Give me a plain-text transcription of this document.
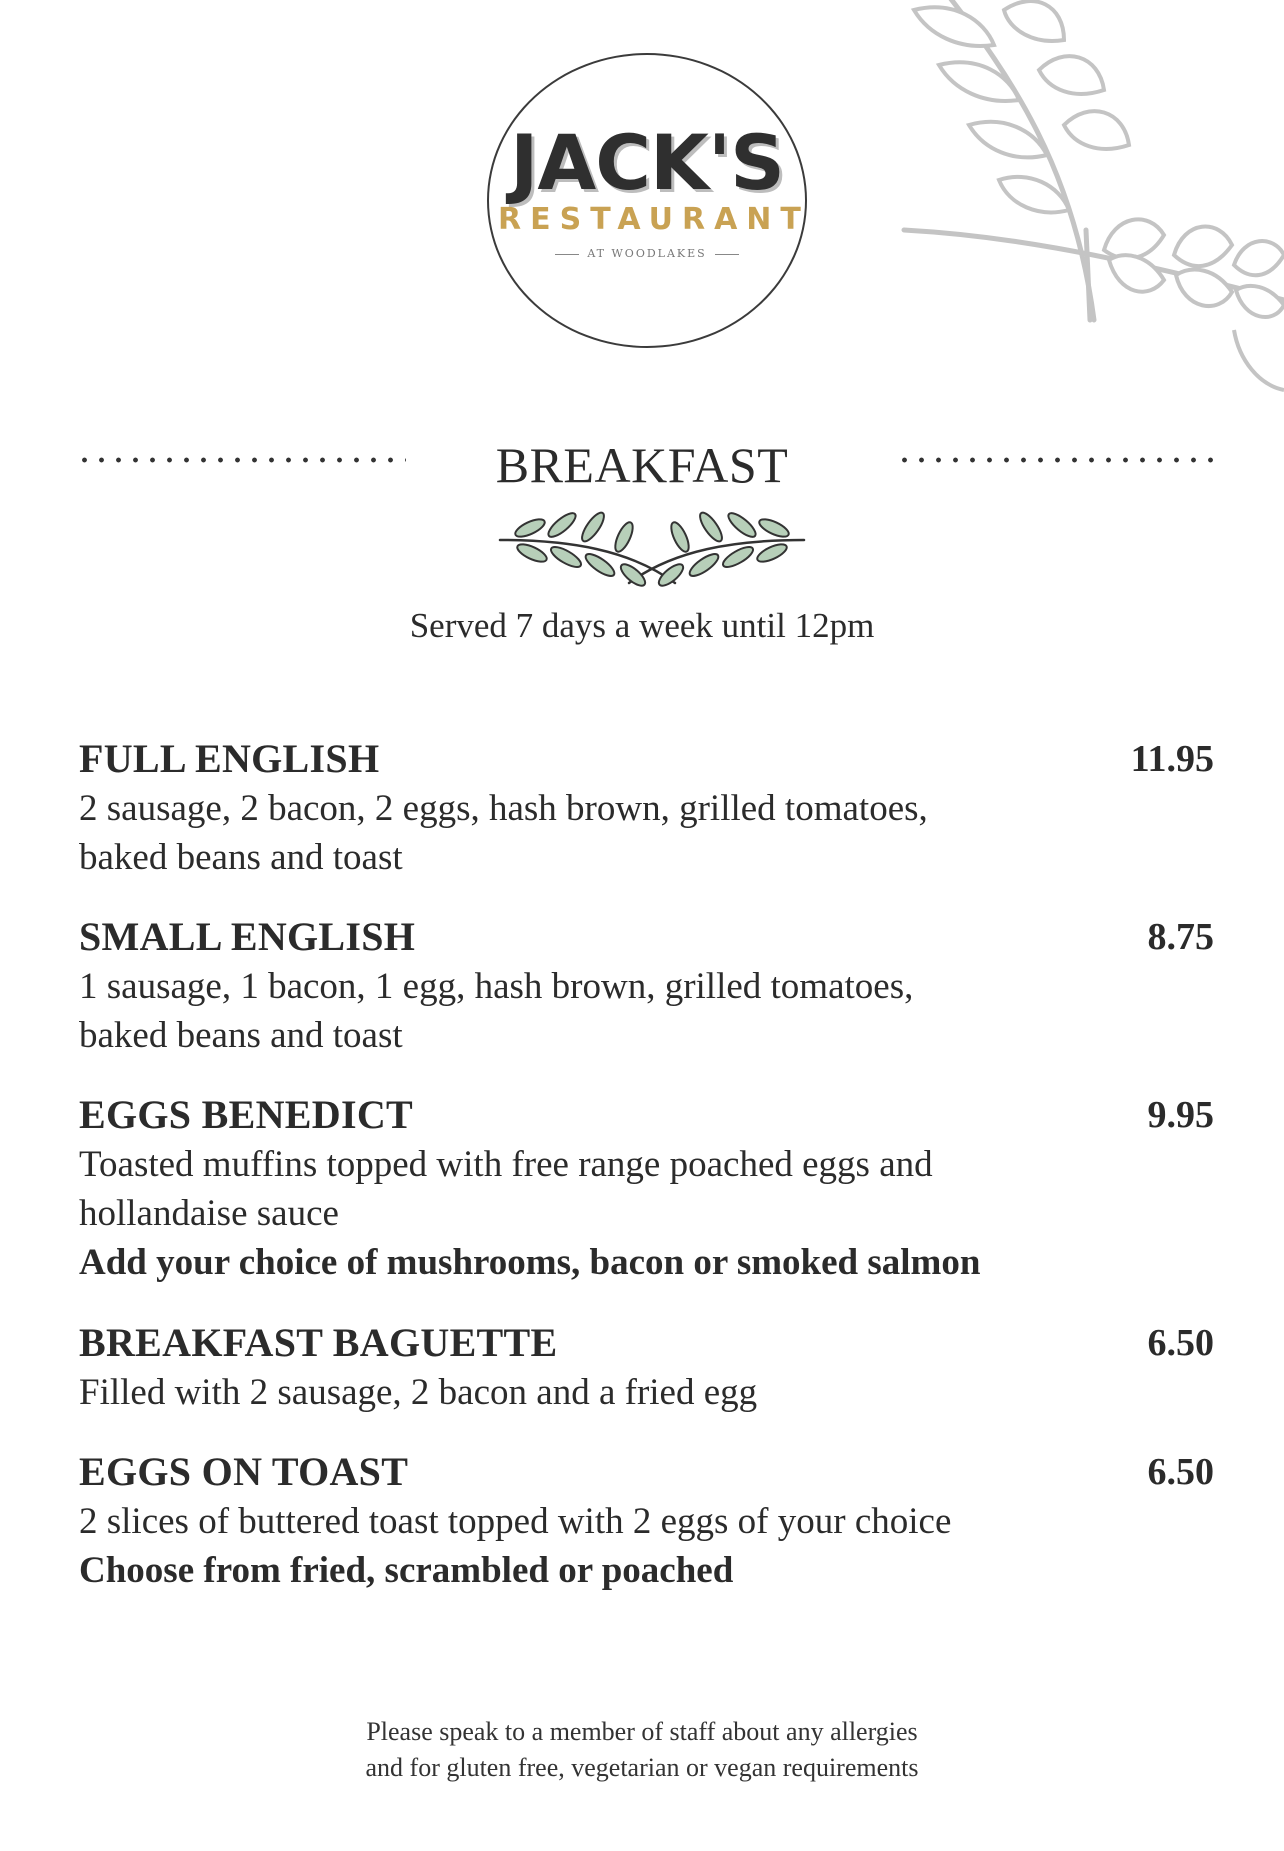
JACK'S
RESTAURANT
AT WOODLAKES
BREAKFAST
Served 7 days a week until 12pm
FULL ENGLISH	11.95
2 sausage, 2 bacon, 2 eggs, hash brown, grilled tomatoes,
baked beans and toast
SMALL ENGLISH	8.75
1 sausage, 1 bacon, 1 egg, hash brown, grilled tomatoes,
baked beans and toast
EGGS BENEDICT	9.95
Toasted muffins topped with free range poached eggs and
hollandaise sauce
Add your choice of mushrooms, bacon or smoked salmon
BREAKFAST BAGUETTE	6.50
Filled with 2 sausage, 2 bacon and a fried egg
EGGS ON TOAST	6.50
2 slices of buttered toast topped with 2 eggs of your choice
Choose from fried, scrambled or poached
Please speak to a member of staff about any allergies
and for gluten free, vegetarian or vegan requirements
